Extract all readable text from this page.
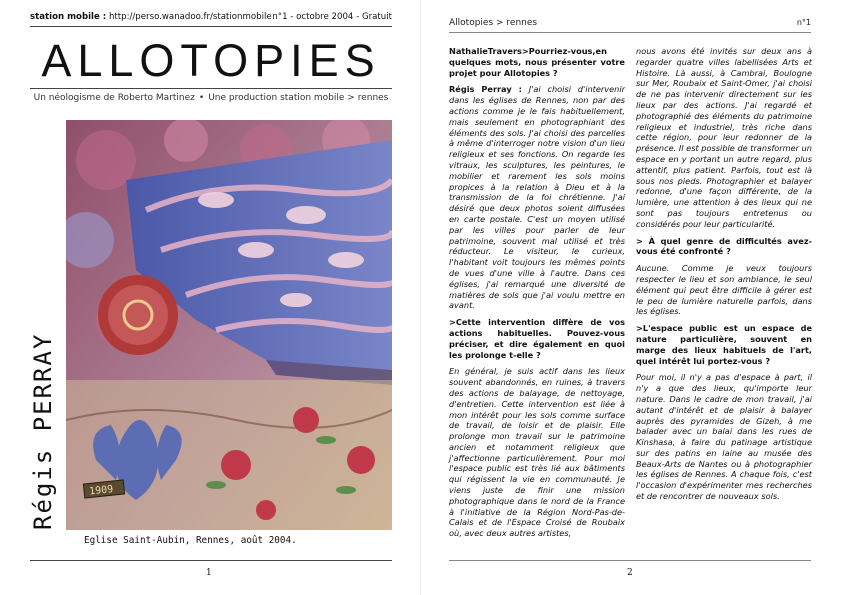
station mobile : http://perso.wanadoo.fr/stationmobile n°1 - octobre 2004 - Gratuit
ALLOTOPIES
Un néologisme de Roberto Martinez • Une production station mobile > rennes
Régis PERRAY	1909
Eglise Saint-Aubin, Rennes, août 2004.
1
Allotopies > rennes	n°1

NathalieTravers>Pourriez-vous,en quelques mots, nous présenter votre projet pour Allotopies ?

Régis Perray : J'ai choisi d'intervenir dans les églises de Rennes, non par des actions comme je le fais habituellement, mais seulement en photographiant des éléments des sols. J'ai choisi des parcelles à même d'interroger notre vision d'un lieu religieux et ses fonctions. On regarde les vitraux, les sculptures, les peintures, le mobilier et rarement les sols moins propices à la relation à Dieu et à la transmission de la foi chrétienne. J'ai désiré que deux photos soient diffusées en carte postale. C'est un moyen utilisé par les villes pour parler de leur patrimoine, souvent mal utilisé et très réducteur. Le visiteur, le curieux, l'habitant voit toujours les mêmes points de vues d'une ville à l'autre. Dans ces églises, j'ai remarqué une diversité de matières de sols que j'ai voulu mettre en avant.

>Cette intervention diffère de vos actions habituelles. Pouvez-vous préciser, et dire également en quoi les prolonge t-elle ?

En général, je suis actif dans les lieux souvent abandonnés, en ruines, à travers des actions de balayage, de nettoyage, d'entretien. Cette intervention est liée à mon intérêt pour les sols comme surface de travail, de loisir et de plaisir. Elle prolonge mon travail sur le patrimoine ancien et notamment religieux que j'affectionne particulièrement. Pour moi l'espace public est très lié aux bâtiments qui régissent la vie en communauté. Je viens juste de finir une mission photographique dans le nord de la France à l'initiative de la Région Nord-Pas-de-Calais et de l'Espace Croisé de Roubaix où, avec deux autres artistes,

nous avons été invités sur deux ans à regarder quatre villes labellisées Arts et Histoire. Là aussi, à Cambrai, Boulogne sur Mer, Roubaix et Saint-Omer, j'ai choisi de ne pas intervenir directement sur les lieux par des actions. J'ai regardé et photographié des éléments du patrimoine religieux et industriel, très riche dans cette région, pour leur redonner de la présence. Il est possible de transformer un espace en y portant un autre regard, plus attentif, plus patient. Parfois, tout est là sous nos pieds. Photographier et balayer redonne, d'une façon différente, de la lumière, une attention à des lieux qui ne sont pas toujours entretenus ou considérés pour leur particularité.

> À quel genre de difficultés avez-vous été confronté ?

Aucune. Comme je veux toujours respecter le lieu et son ambiance, le seul élément qui peut être difficile à gérer est le peu de lumière naturelle parfois, dans les églises.

>L'espace public est un espace de nature particulière, souvent en marge des lieux habituels de l'art, quel intérêt lui portez-vous ?

Pour moi, il n'y a pas d'espace à part, il n'y a que des lieux, qu'importe leur nature. Dans le cadre de mon travail, j'ai autant d'intérêt et de plaisir à balayer auprès des pyramides de Gizeh, à me balader avec un balai dans les rues de Kinshasa, à faire du patinage artistique sur des patins en laine au musée des Beaux-Arts de Nantes ou à photographier les églises de Rennes. A chaque fois, c'est l'occasion d'expérimenter mes recherches et de rencontrer de nouveaux sols.

2
